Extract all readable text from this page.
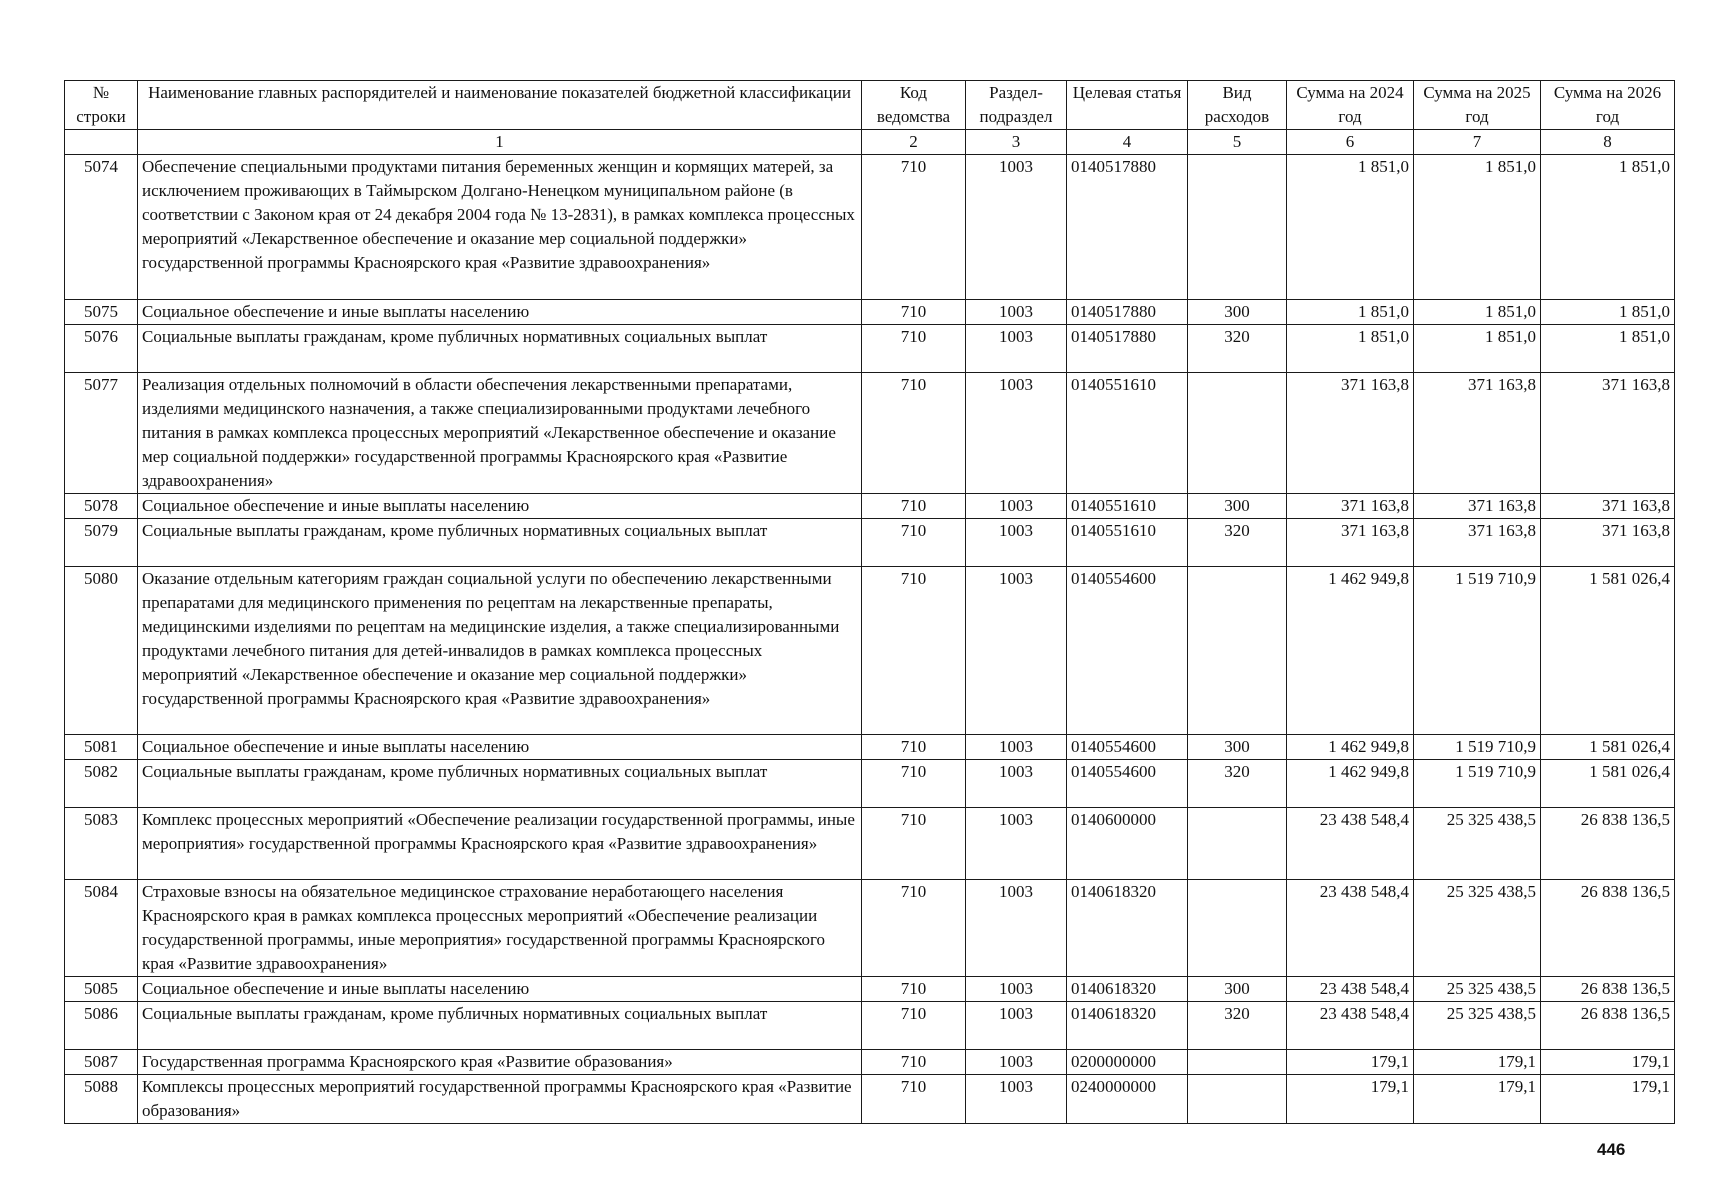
№ строки	Наименование главных распорядителей и наименование показателей бюджетной классификации	Код ведомства	Раздел-подраздел	Целевая статья	Вид расходов	Сумма на 2024 год	Сумма на 2025 год	Сумма на 2026 год
	1	2	3	4	5	6	7	8
5074	Обеспечение специальными продуктами питания беременных женщин и кормящих матерей, за исключением проживающих в Таймырском Долгано-Ненецком муниципальном районе (в соответствии с Законом края от 24 декабря 2004 года № 13-2831), в рамках комплекса процессных мероприятий «Лекарственное обеспечение и оказание мер социальной поддержки» государственной программы Красноярского края «Развитие здравоохранения»	710	1003	0140517880		1 851,0	1 851,0	1 851,0
5075	Социальное обеспечение и иные выплаты населению	710	1003	0140517880	300	1 851,0	1 851,0	1 851,0
5076	Социальные выплаты гражданам, кроме публичных нормативных социальных выплат	710	1003	0140517880	320	1 851,0	1 851,0	1 851,0
5077	Реализация отдельных полномочий в области обеспечения лекарственными препаратами, изделиями медицинского назначения, а также специализированными продуктами лечебного питания в рамках комплекса процессных мероприятий «Лекарственное обеспечение и оказание мер социальной поддержки» государственной программы Красноярского края «Развитие здравоохранения»	710	1003	0140551610		371 163,8	371 163,8	371 163,8
5078	Социальное обеспечение и иные выплаты населению	710	1003	0140551610	300	371 163,8	371 163,8	371 163,8
5079	Социальные выплаты гражданам, кроме публичных нормативных социальных выплат	710	1003	0140551610	320	371 163,8	371 163,8	371 163,8
5080	Оказание отдельным категориям граждан социальной услуги по обеспечению лекарственными препаратами для медицинского применения по рецептам на лекарственные препараты, медицинскими изделиями по рецептам на медицинские изделия, а также специализированными продуктами лечебного питания для детей-инвалидов в рамках комплекса процессных мероприятий «Лекарственное обеспечение и оказание мер социальной поддержки» государственной программы Красноярского края «Развитие здравоохранения»	710	1003	0140554600		1 462 949,8	1 519 710,9	1 581 026,4
5081	Социальное обеспечение и иные выплаты населению	710	1003	0140554600	300	1 462 949,8	1 519 710,9	1 581 026,4
5082	Социальные выплаты гражданам, кроме публичных нормативных социальных выплат	710	1003	0140554600	320	1 462 949,8	1 519 710,9	1 581 026,4
5083	Комплекс процессных мероприятий «Обеспечение реализации государственной программы, иные мероприятия» государственной программы Красноярского края «Развитие здравоохранения»	710	1003	0140600000		23 438 548,4	25 325 438,5	26 838 136,5
5084	Страховые взносы на обязательное медицинское страхование неработающего населения Красноярского края в рамках комплекса процессных мероприятий «Обеспечение реализации государственной программы, иные мероприятия» государственной программы Красноярского края «Развитие здравоохранения»	710	1003	0140618320		23 438 548,4	25 325 438,5	26 838 136,5
5085	Социальное обеспечение и иные выплаты населению	710	1003	0140618320	300	23 438 548,4	25 325 438,5	26 838 136,5
5086	Социальные выплаты гражданам, кроме публичных нормативных социальных выплат	710	1003	0140618320	320	23 438 548,4	25 325 438,5	26 838 136,5
5087	Государственная программа Красноярского края «Развитие образования»	710	1003	0200000000		179,1	179,1	179,1
5088	Комплексы процессных мероприятий государственной программы Красноярского края «Развитие образования»	710	1003	0240000000		179,1	179,1	179,1
446
